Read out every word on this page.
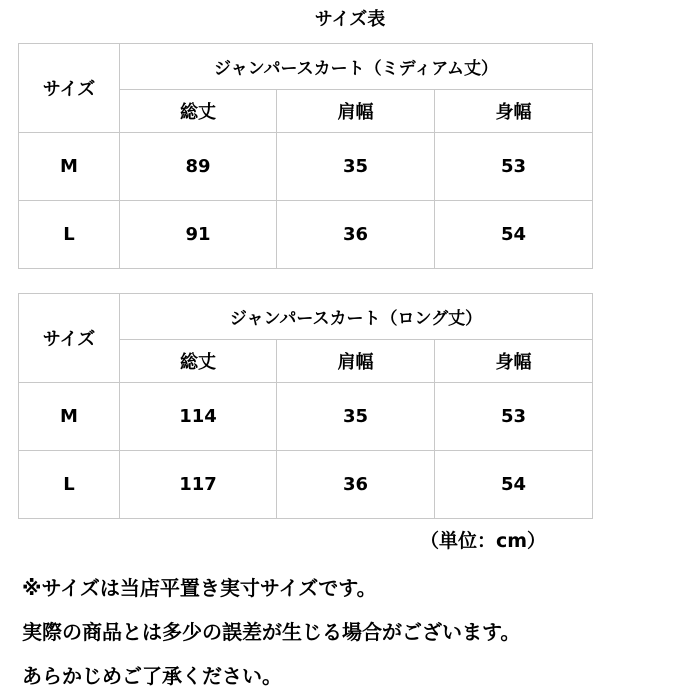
サイズ表
サイズ	ジャンパースカート（ミディアム丈）		
	総丈	肩幅	身幅
M	89	35	53
L	91	36	54
サイズ	ジャンパースカート（ロング丈）		
	総丈	肩幅	身幅
M	114	35	53
L	117	36	54
（単位：cm）
※サイズは当店平置き実寸サイズです。
実際の商品とは多少の誤差が生じる場合がございます。
あらかじめご了承ください。
